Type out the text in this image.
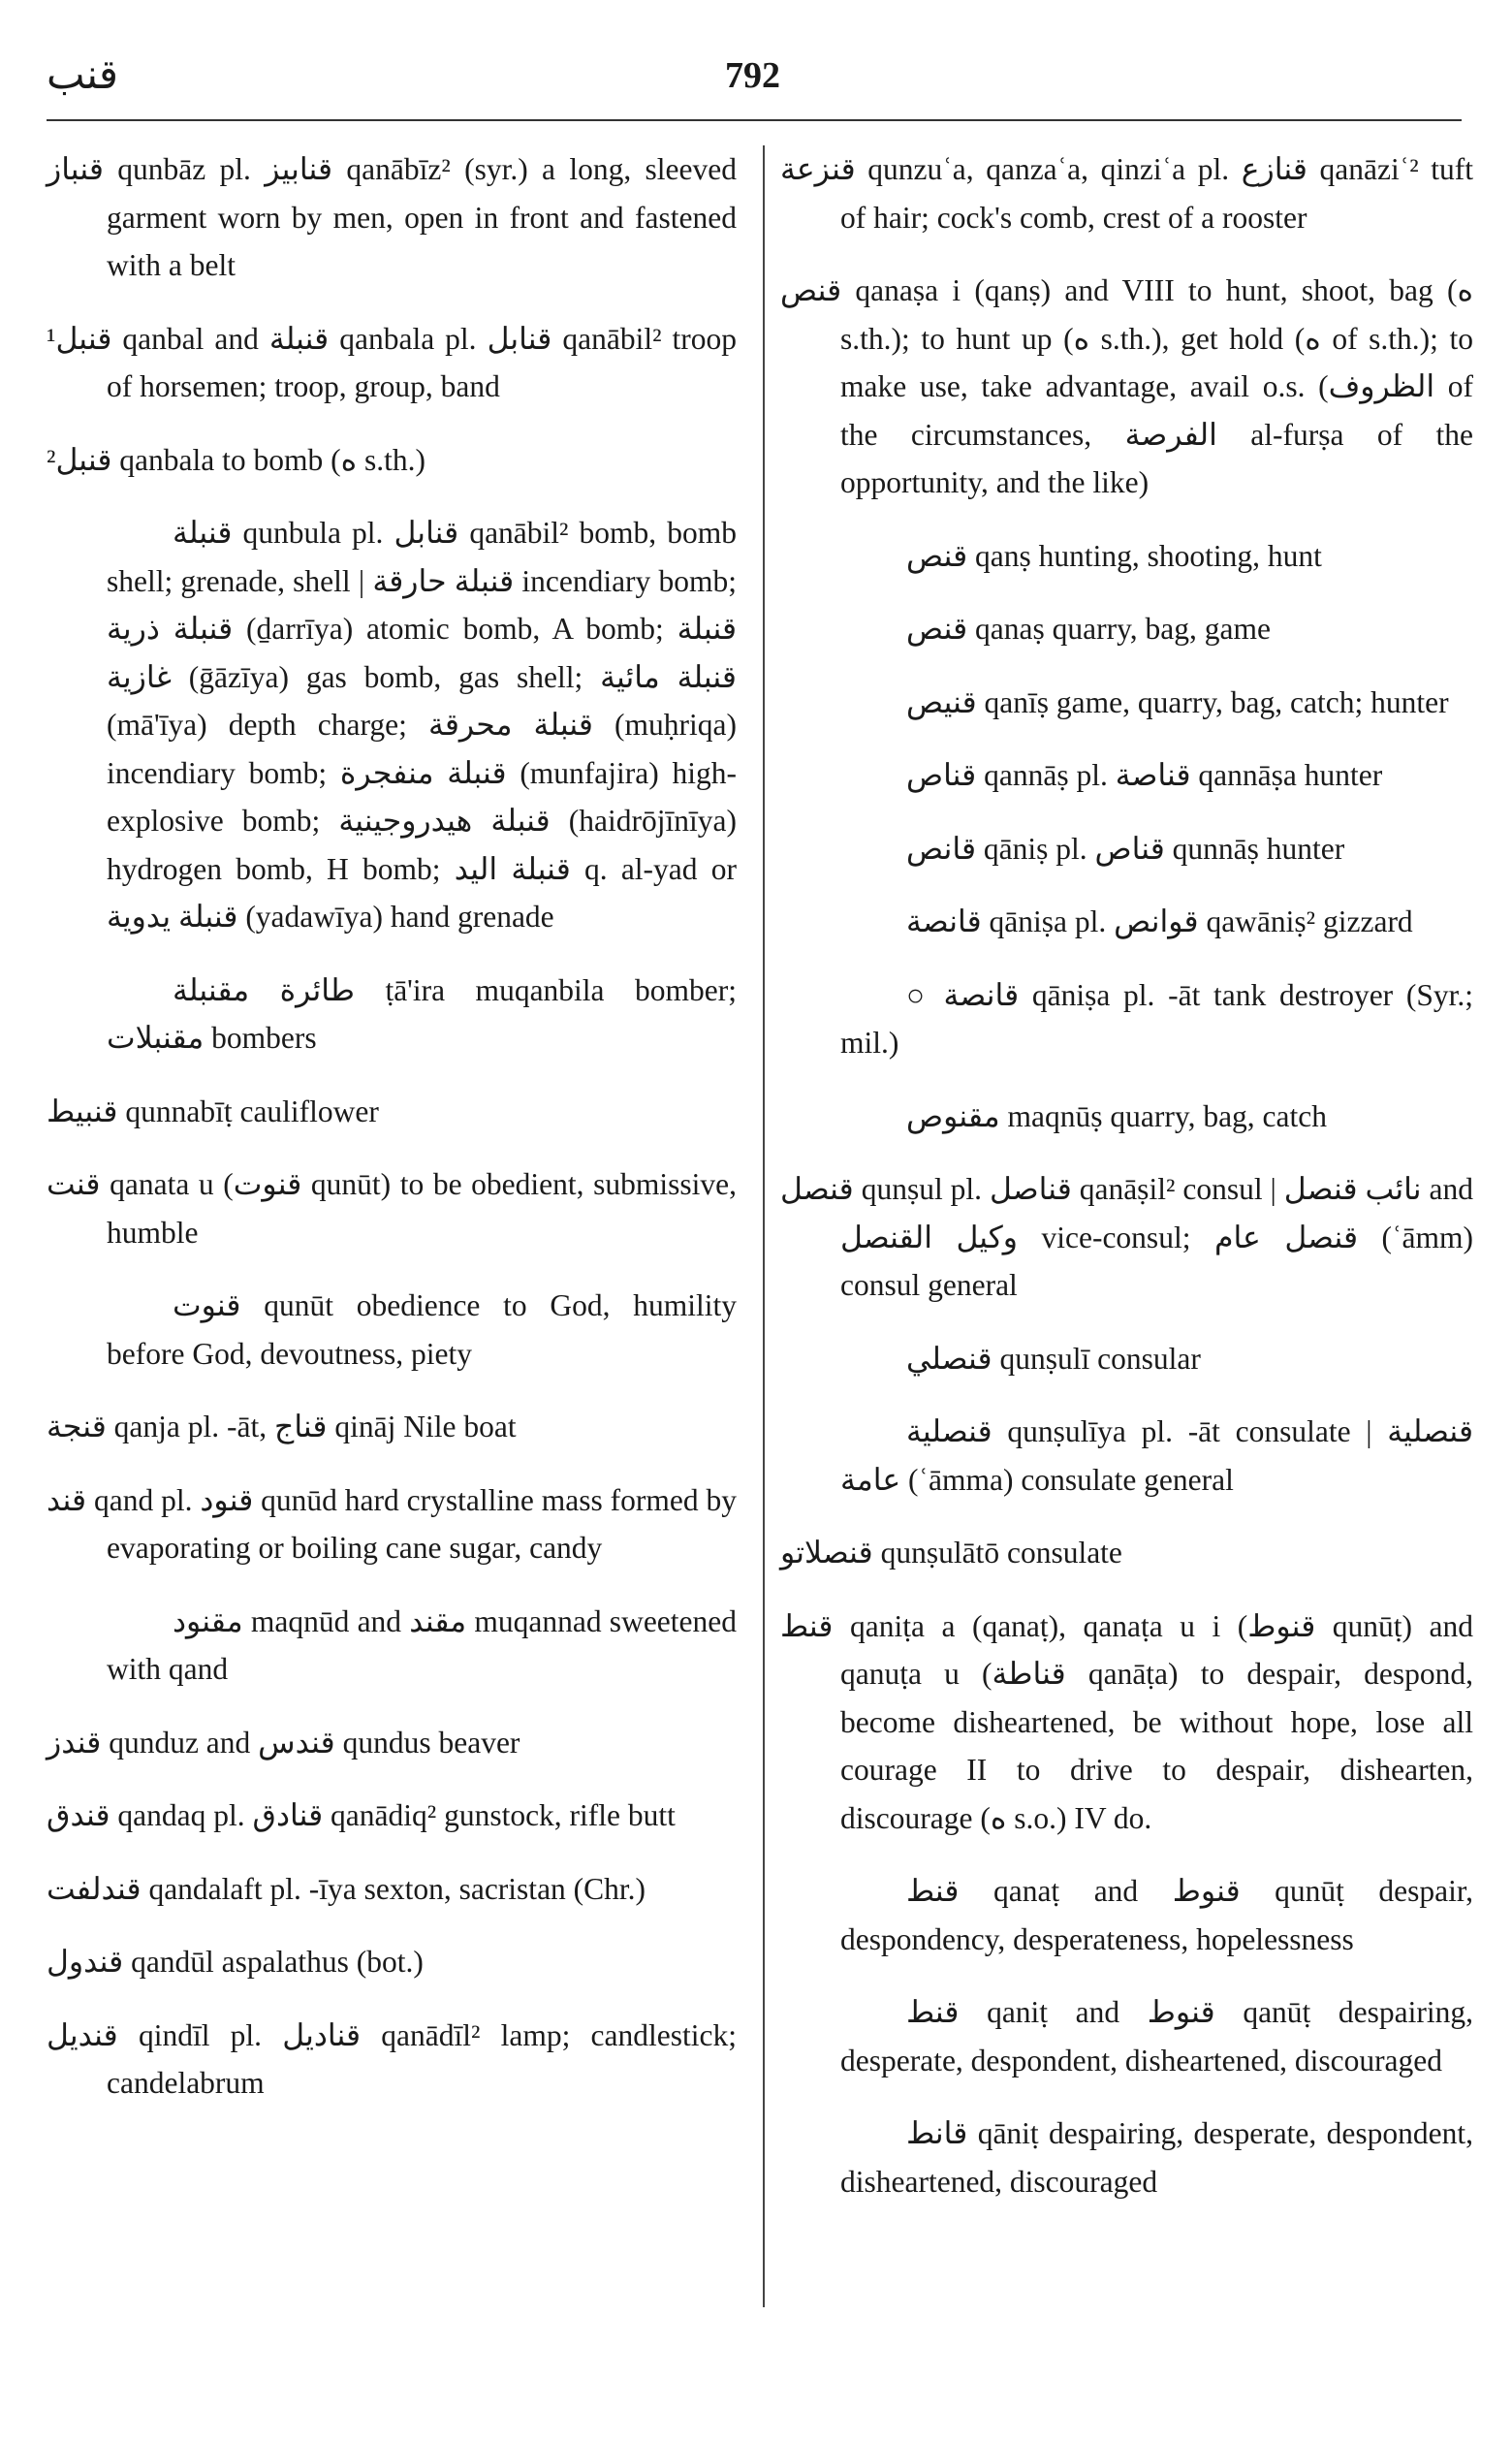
قنب	792
قنباز qunbāz pl. قنابيز qanābīz² (syr.) a long, sleeved garment worn by men, open in front and fastened with a belt
¹قنبل qanbal and قنبلة qanbala pl. قنابل qanābil² troop of horsemen; troop, group, band
²قنبل qanbala to bomb (ه s.th.)
قنبلة qunbula pl. قنابل qanābil² bomb, bomb shell; grenade, shell | قنبلة حارقة incendiary bomb; قنبلة ذرية (ḏarrīya) atomic bomb, A bomb; قنبلة غازية (ḡāzīya) gas bomb, gas shell; قنبلة مائية (mā'īya) depth charge; قنبلة محرقة (muḥriqa) incendiary bomb; قنبلة منفجرة (munfajira) high-explosive bomb; قنبلة هيدروجينية (haidrōjīnīya) hydrogen bomb, H bomb; قنبلة اليد q. al-yad or قنبلة يدوية (yadawīya) hand grenade
طائرة مقنبلة ṭā'ira muqanbila bomber; مقنبلات bombers
قنبيط qunnabīṭ cauliflower
قنت qanata u (قنوت qunūt) to be obedient, submissive, humble
قنوت qunūt obedience to God, humility before God, devoutness, piety
قنجة qanja pl. -āt, قناج qināj Nile boat
قند qand pl. قنود qunūd hard crystalline mass formed by evaporating or boiling cane sugar, candy
مقنود maqnūd and مقند muqannad sweetened with qand
قندز qunduz and قندس qundus beaver
قندق qandaq pl. قنادق qanādiq² gunstock, rifle butt
قندلفت qandalaft pl. -īya sexton, sacristan (Chr.)
قندول qandūl aspalathus (bot.)
قنديل qindīl pl. قناديل qanādīl² lamp; candlestick; candelabrum
قنزعة qunzuʿa, qanzaʿa, qinziʿa pl. قنازع qanāziʿ² tuft of hair; cock's comb, crest of a rooster
قنص qanaṣa i (qanṣ) and VIII to hunt, shoot, bag (ه s.th.); to hunt up (ه s.th.), get hold (ه of s.th.); to make use, take advantage, avail o.s. (الظروف of the circumstances, الفرصة al-furṣa of the opportunity, and the like)
قنص qanṣ hunting, shooting, hunt
قنص qanaṣ quarry, bag, game
قنيص qanīṣ game, quarry, bag, catch; hunter
قناص qannāṣ pl. قناصة qannāṣa hunter
قانص qāniṣ pl. قناص qunnāṣ hunter
قانصة qāniṣa pl. قوانص qawāniṣ² gizzard
○ قانصة qāniṣa pl. -āt tank destroyer (Syr.; mil.)
مقنوص maqnūṣ quarry, bag, catch
قنصل qunṣul pl. قناصل qanāṣil² consul | نائب قنصل and وكيل القنصل vice-consul; قنصل عام (ʿāmm) consul general
قنصلي qunṣulī consular
قنصلية qunṣulīya pl. -āt consulate | قنصلية عامة (ʿāmma) consulate general
قنصلاتو qunṣulātō consulate
قنط qaniṭa a (qanaṭ), qanaṭa u i (قنوط qunūṭ) and qanuṭa u (قناطة qanāṭa) to despair, despond, become disheartened, be without hope, lose all courage II to drive to despair, dishearten, discourage (ه s.o.) IV do.
قنط qanaṭ and قنوط qunūṭ despair, despondency, desperateness, hopelessness
قنط qaniṭ and قنوط qanūṭ despairing, desperate, despondent, disheartened, discouraged
قانط qāniṭ despairing, desperate, despondent, disheartened, discouraged
